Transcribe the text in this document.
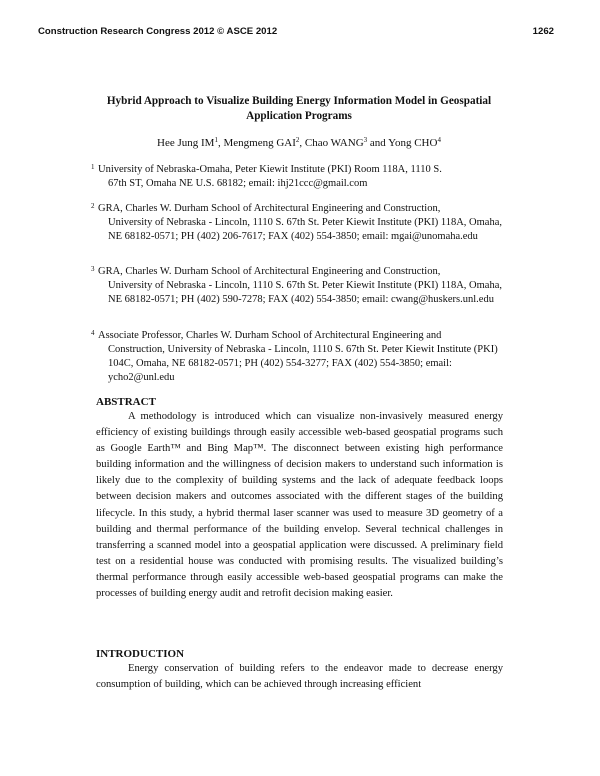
Construction Research Congress 2012 © ASCE 2012	1262
Hybrid Approach to Visualize Building Energy Information Model in Geospatial
Application Programs
Hee Jung $IM^1$, Mengmeng GAI$^2$, Chao WANG$^3$ and Yong CHO$^4$
1 University of Nebraska-Omaha, Peter Kiewit Institute (PKI) Room 118A, 1110 S.
67th ST, Omaha NE U.S. 68182; email: ihj21ccc@gmail.com
2 GRA, Charles W. Durham School of Architectural Engineering and Construction,
University of Nebraska - Lincoln, 1110 S. 67th St. Peter Kiewit Institute (PKI) 118A, Omaha, NE 68182-0571; PH (402) 206-7617; FAX (402) 554-3850; email: mgai@unomaha.edu
3 GRA, Charles W. Durham School of Architectural Engineering and Construction,
University of Nebraska - Lincoln, 1110 S. 67th St. Peter Kiewit Institute (PKI) 118A, Omaha, NE 68182-0571; PH (402) 590-7278; FAX (402) 554-3850; email: cwang@huskers.unl.edu
4 Associate Professor, Charles W. Durham School of Architectural Engineering and
Construction, University of Nebraska - Lincoln, 1110 S. 67th St. Peter Kiewit Institute (PKI) 104C, Omaha, NE 68182-0571; PH (402) 554-3277; FAX (402) 554-3850; email: ycho2@unl.edu
ABSTRACT
A methodology is introduced which can visualize non-invasively measured energy efficiency of existing buildings through easily accessible web-based geospatial programs such as Google Earth™ and Bing Map™. The disconnect between existing high performance building information and the willingness of decision makers to understand such information is likely due to the complexity of building systems and the lack of adequate feedback loops between decision makers and outcomes associated with the different stages of the building lifecycle. In this study, a hybrid thermal laser scanner was used to measure 3D geometry of a building and thermal performance of the building envelop. Several technical challenges in transferring a scanned model into a geospatial application were discussed. A preliminary field test on a residential house was conducted with promising results. The visualized building’s thermal performance through easily accessible web-based geospatial programs can make the processes of building energy audit and retrofit decision making easier.
INTRODUCTION
Energy conservation of building refers to the endeavor made to decrease energy consumption of building, which can be achieved through increasing efficient
